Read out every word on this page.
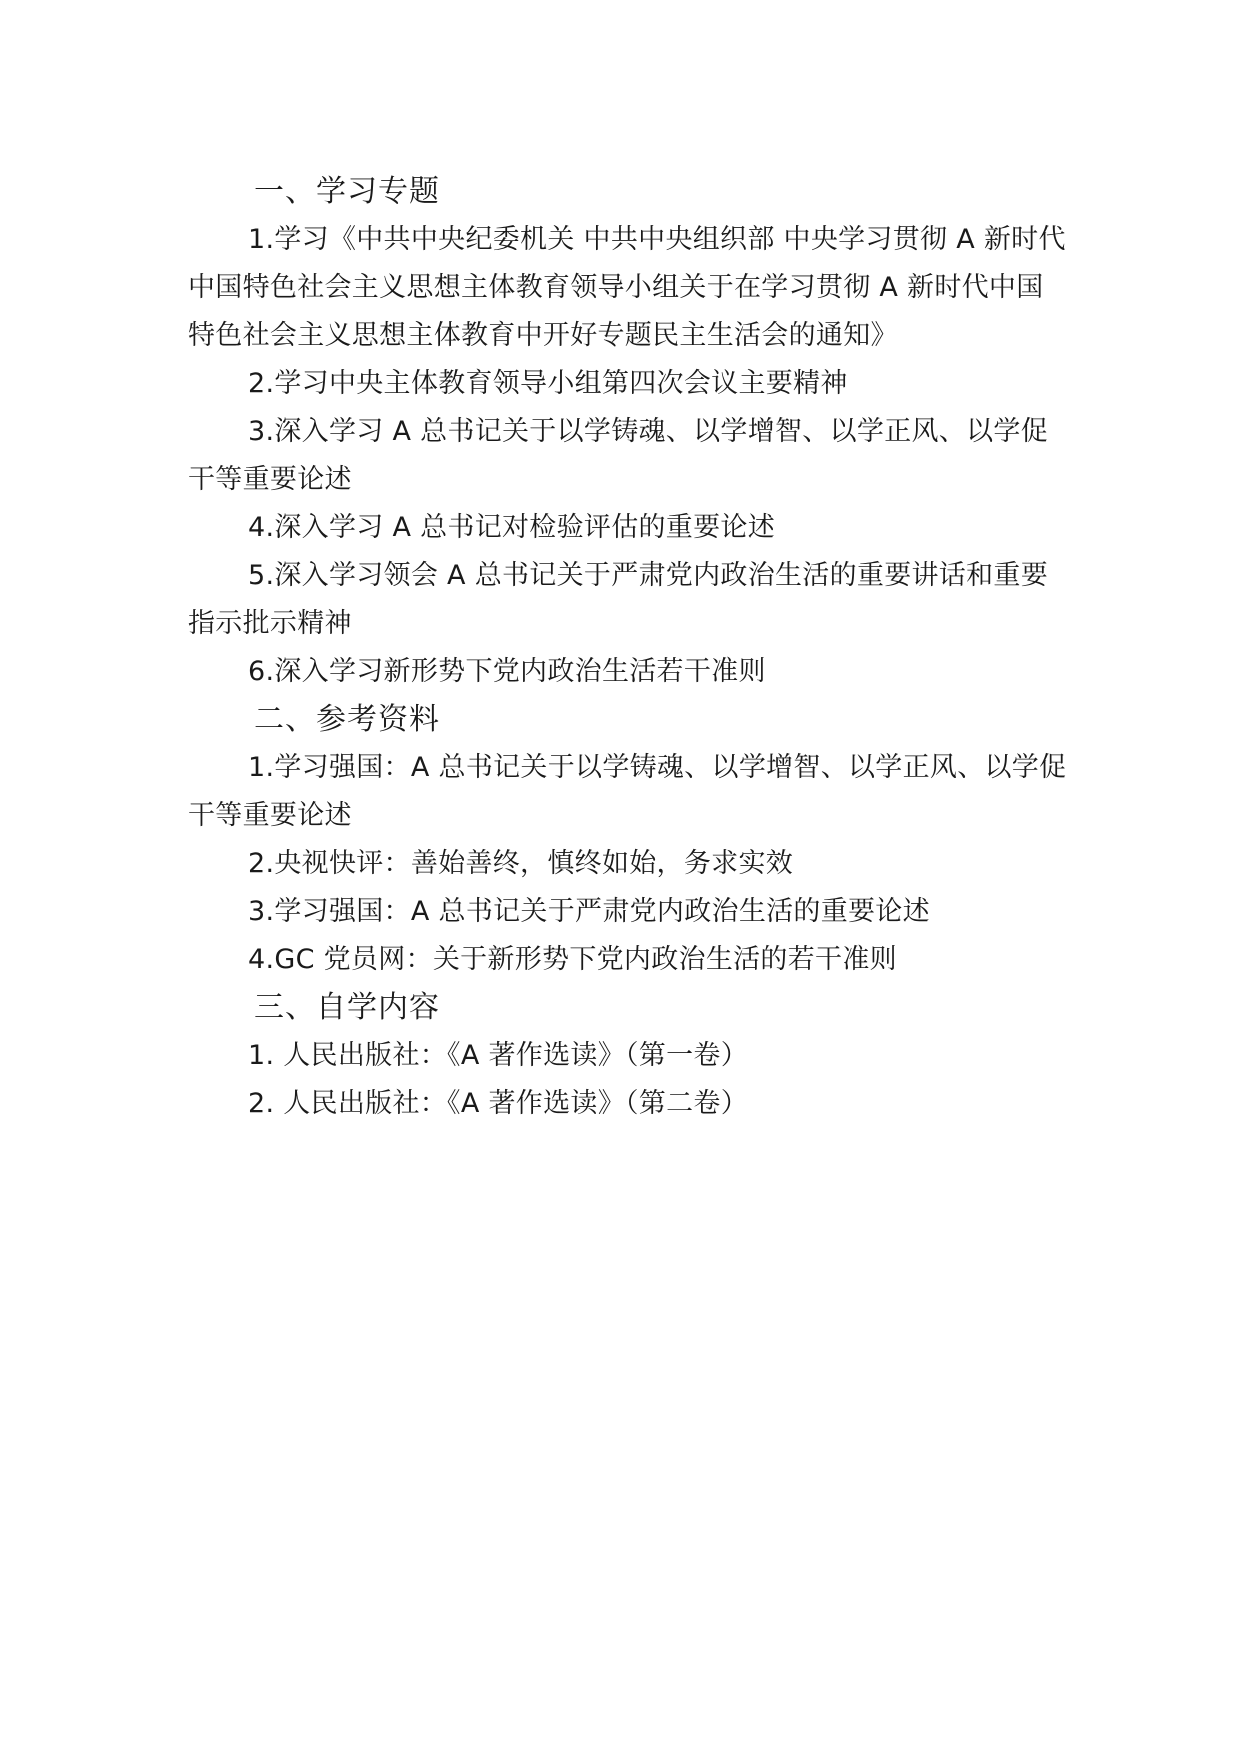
一、学习专题

1.学习《中共中央纪委机关 中共中央组织部 中央学习贯彻 A 新时代中国特色社会主义思想主体教育领导小组关于在学习贯彻 A 新时代中国特色社会主义思想主体教育中开好专题民主生活会的通知》

2.学习中央主体教育领导小组第四次会议主要精神

3.深入学习 A 总书记关于以学铸魂、以学增智、以学正风、以学促干等重要论述

4.深入学习 A 总书记对检验评估的重要论述

5.深入学习领会 A 总书记关于严肃党内政治生活的重要讲话和重要指示批示精神

6.深入学习新形势下党内政治生活若干准则

二、参考资料

1.学习强国：A 总书记关于以学铸魂、以学增智、以学正风、以学促干等重要论述

2.央视快评：善始善终，慎终如始，务求实效

3.学习强国：A 总书记关于严肃党内政治生活的重要论述

4.GC 党员网：关于新形势下党内政治生活的若干准则

三、自学内容

1. 人民出版社：《A 著作选读》（第一卷）

2. 人民出版社：《A 著作选读》（第二卷）
